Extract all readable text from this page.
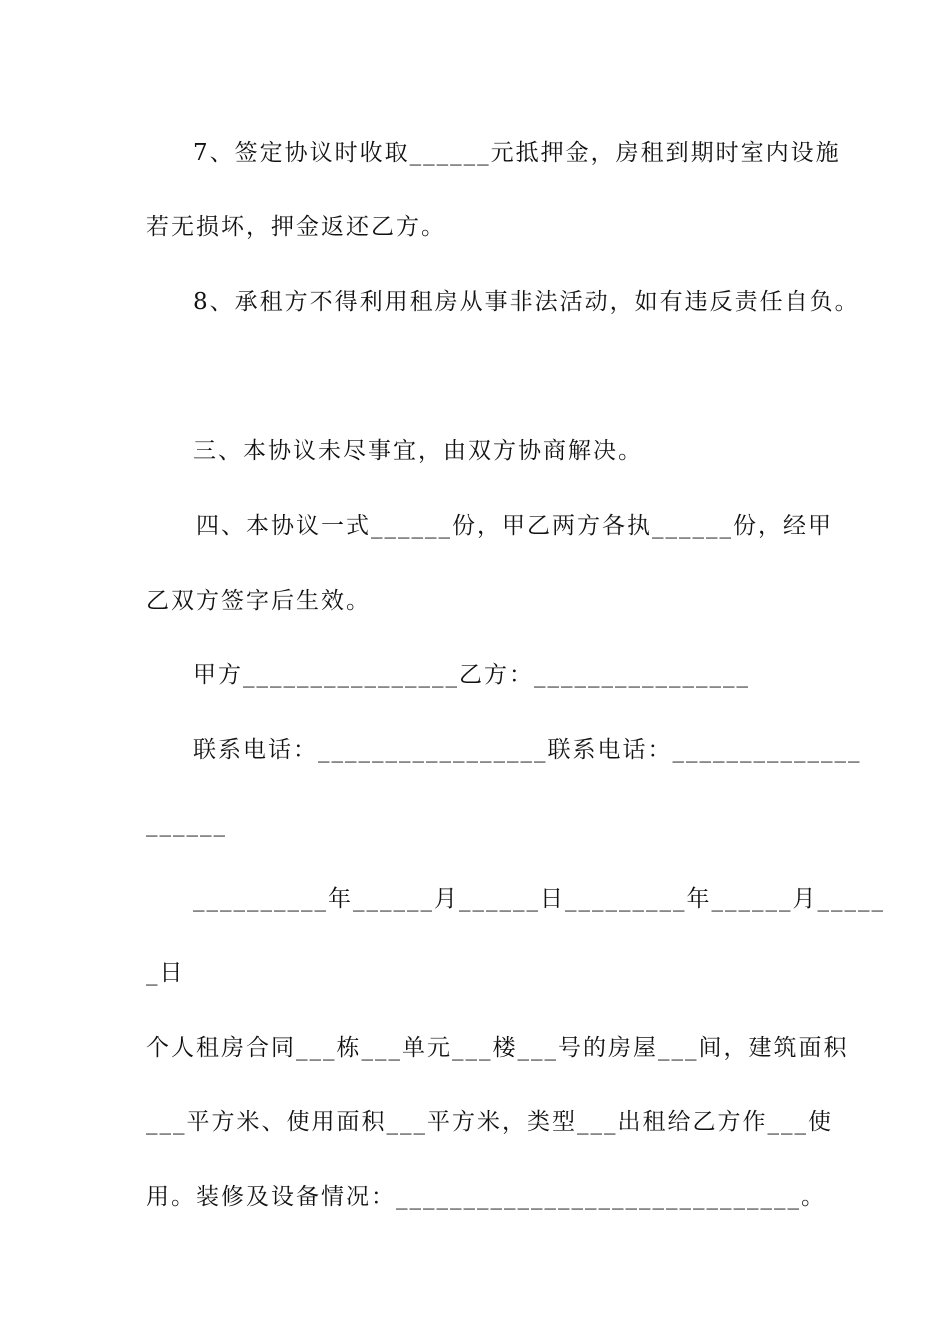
7、签定协议时收取______元抵押金，房租到期时室内设施
若无损坏，押金返还乙方。
8、承租方不得利用租房从事非法活动，如有违反责任自负。
三、本协议未尽事宜，由双方协商解决。
四、本协议一式______份，甲乙两方各执______份，经甲
乙双方签字后生效。
甲方________________乙方：________________
联系电话：_________________联系电话：______________
______
__________年______月______日_________年______月_____
_日
个人租房合同___栋___单元___楼___号的房屋___间，建筑面积
___平方米、使用面积___平方米，类型___出租给乙方作___使
用。装修及设备情况：______________________________。
